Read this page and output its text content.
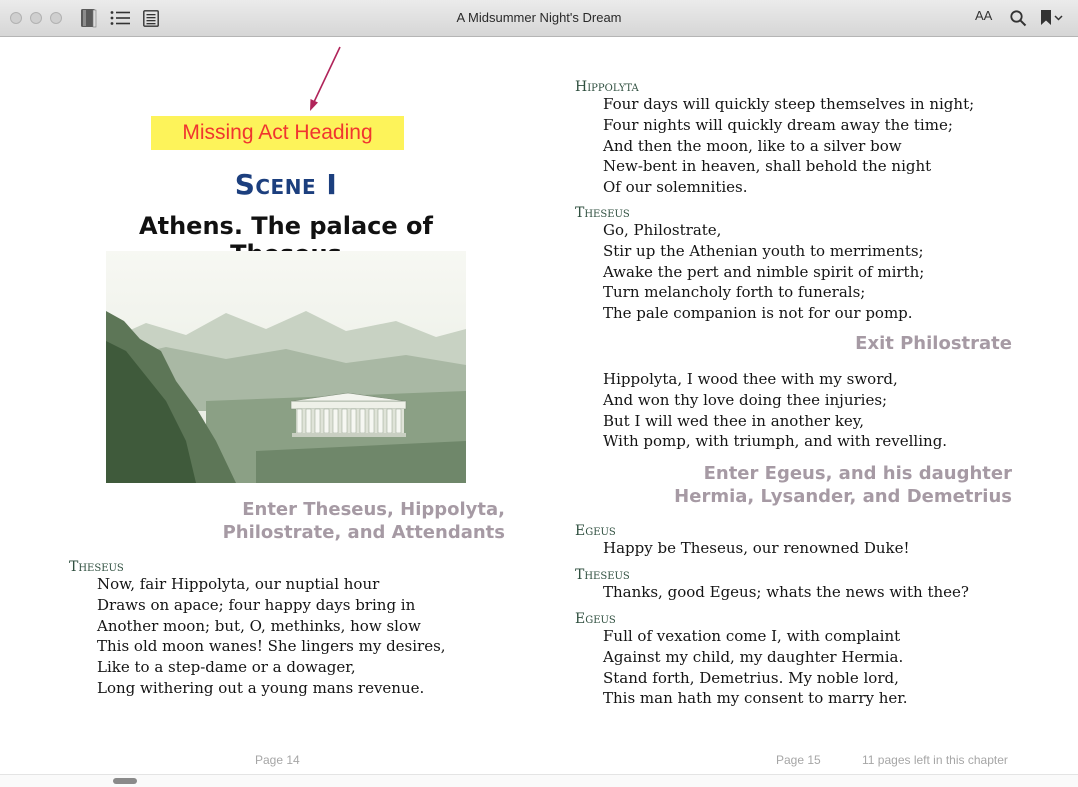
A Midsummer Night's Dream	AA
Missing Act Heading
Scene I
Athens. The palace of
Enter Theseus, Hippolyta,
Philostrate, and Attendants
Theseus
Now, fair Hippolyta, our nuptial hour
Draws on apace; four happy days bring in
Another moon; but, O, methinks, how slow
This old moon wanes! She lingers my desires,
Like to a step-dame or a dowager,
Long withering out a young mans revenue.
Page 14
Hippolyta
Four days will quickly steep themselves in night;
Four nights will quickly dream away the time;
And then the moon, like to a silver bow
New-bent in heaven, shall behold the night
Of our solemnities.
Theseus
Go, Philostrate,
Stir up the Athenian youth to merriments;
Awake the pert and nimble spirit of mirth;
Turn melancholy forth to funerals;
The pale companion is not for our pomp.
Exit Philostrate
Hippolyta, I wood thee with my sword,
And won thy love doing thee injuries;
But I will wed thee in another key,
With pomp, with triumph, and with revelling.
Enter Egeus, and his daughter
Hermia, Lysander, and Demetrius
Egeus
Happy be Theseus, our renowned Duke!
Theseus
Thanks, good Egeus; whats the news with thee?
Egeus
Full of vexation come I, with complaint
Against my child, my daughter Hermia.
Stand forth, Demetrius. My noble lord,
This man hath my consent to marry her.
Page 15	11 pages left in this chapter
